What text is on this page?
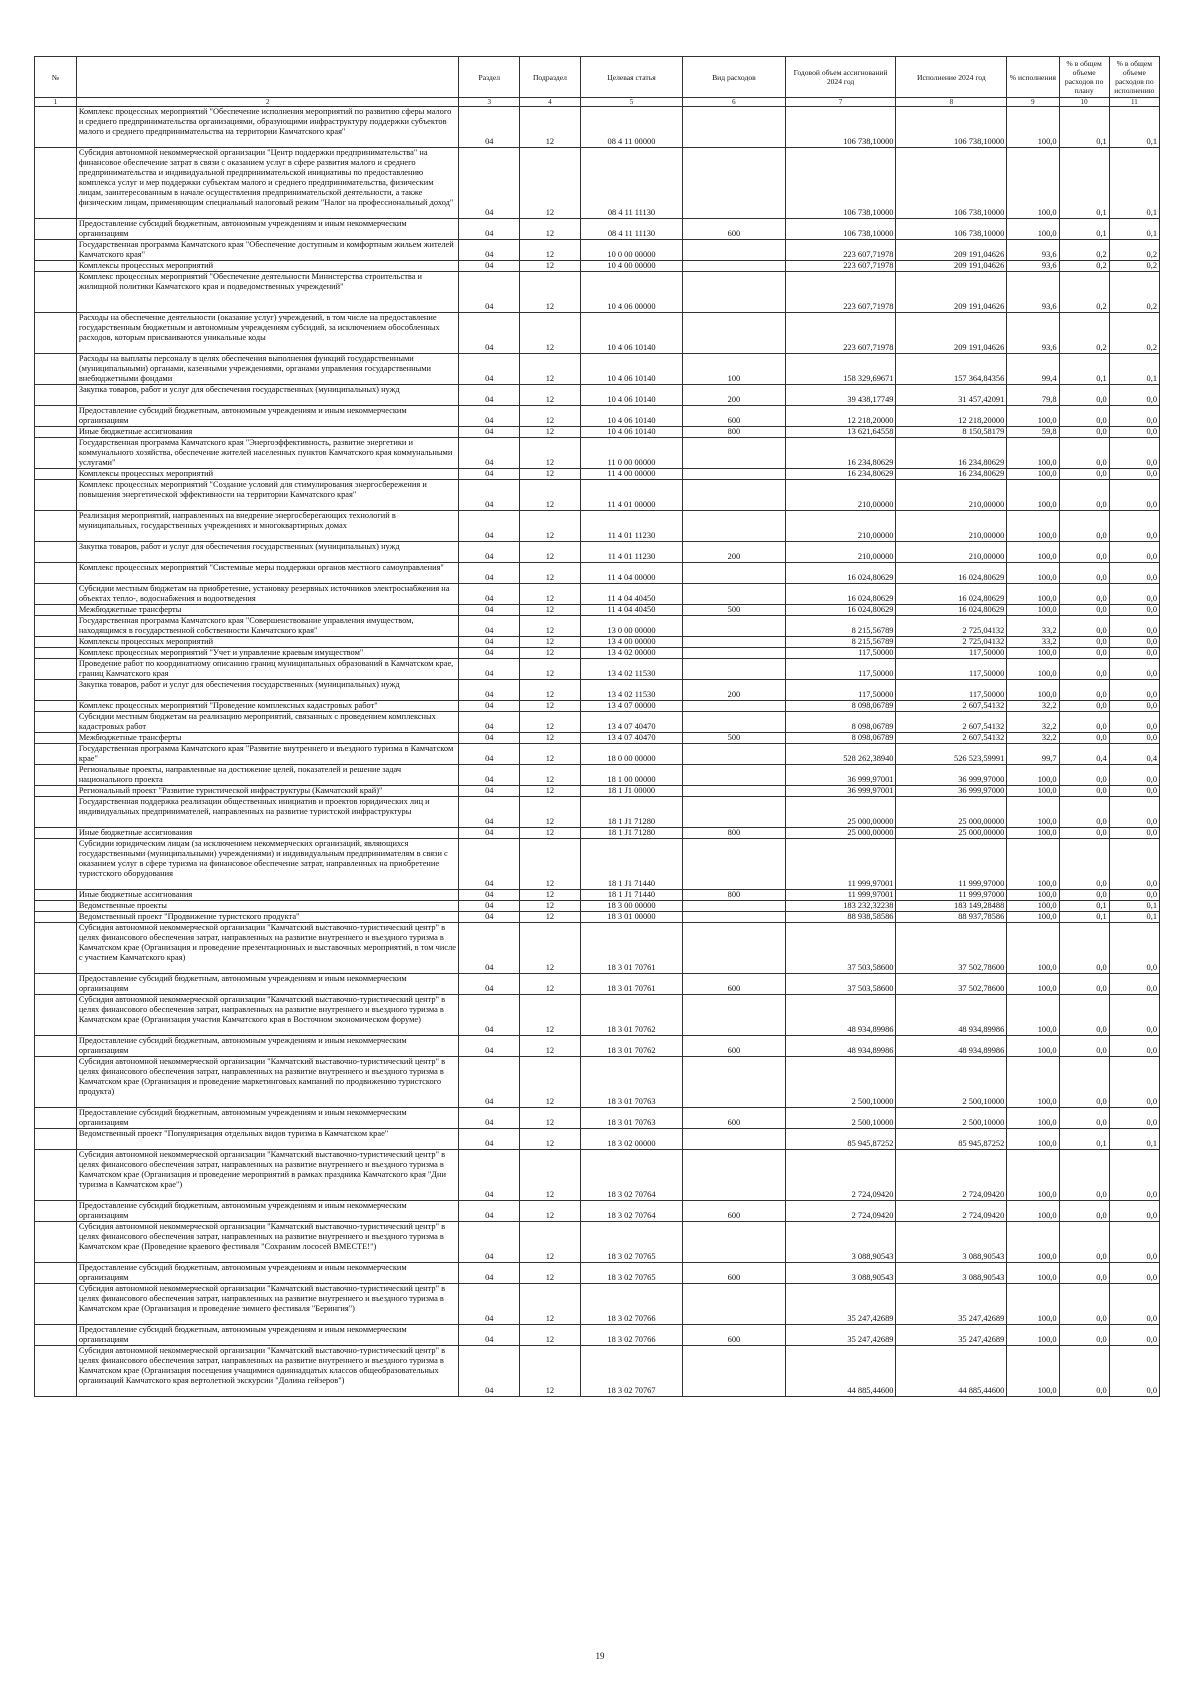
№		Раздел	Подраздел	Целевая статья	Вид расходов	Годовой объем ассигнований 2024 год	Исполнение 2024 год	% исполнения	% в общем объеме расходов по плану	% в общем объеме расходов по исполнению
1	2	3	4	5	6	7	8	9	10	11
	Комплекс процессных мероприятий "Обеспечение исполнения мероприятий по развитию сферы малого и среднего предпринимательства организациями, образующими инфраструктуру поддержки субъектов малого и среднего предпринимательства на территории Камчатского края"	04	12	08 4 11 00000		106 738,10000	106 738,10000	100,0	0,1	0,1
	Субсидия автономной некоммерческой организации "Центр поддержки предпринимательства" на финансовое обеспечение затрат в связи с оказанием услуг в сфере развития малого и среднего предпринимательства и индивидуальной предпринимательской инициативы по предоставлению комплекса услуг и мер поддержки субъектам малого и среднего предпринимательства, физическим лицам, заинтересованным в начале осуществления предпринимательской деятельности, а также физическим лицам, применяющим специальный налоговый режим "Налог на профессиональный доход"	04	12	08 4 11 11130		106 738,10000	106 738,10000	100,0	0,1	0,1
	Предоставление субсидий бюджетным, автономным учреждениям и иным некоммерческим организациям	04	12	08 4 11 11130	600	106 738,10000	106 738,10000	100,0	0,1	0,1
	Государственная программа Камчатского края "Обеспечение доступным и комфортным жильем жителей Камчатского края"	04	12	10 0 00 00000		223 607,71978	209 191,04626	93,6	0,2	0,2
	Комплексы процессных мероприятий	04	12	10 4 00 00000		223 607,71978	209 191,04626	93,6	0,2	0,2
	Комплекс процессных мероприятий "Обеспечение деятельности Министерства строительства и жилищной политики Камчатского края и подведомственных учреждений"	04	12	10 4 06 00000		223 607,71978	209 191,04626	93,6	0,2	0,2
	Расходы на обеспечение деятельности (оказание услуг) учреждений, в том числе на предоставление государственным бюджетным и автономным учреждениям субсидий, за исключением обособленных расходов, которым присваиваются уникальные коды	04	12	10 4 06 10140		223 607,71978	209 191,04626	93,6	0,2	0,2
	Расходы на выплаты персоналу в целях обеспечения выполнения функций государственными (муниципальными) органами, казенными учреждениями, органами управления государственными внебюджетными фондами	04	12	10 4 06 10140	100	158 329,69671	157 364,84356	99,4	0,1	0,1
	Закупка товаров, работ и услуг для обеспечения государственных (муниципальных) нужд	04	12	10 4 06 10140	200	39 438,17749	31 457,42091	79,8	0,0	0,0
	Предоставление субсидий бюджетным, автономным учреждениям и иным некоммерческим организациям	04	12	10 4 06 10140	600	12 218,20000	12 218,20000	100,0	0,0	0,0
	Иные бюджетные ассигнования	04	12	10 4 06 10140	800	13 621,64558	8 150,58179	59,8	0,0	0,0
	Государственная программа Камчатского края "Энергоэффективность, развитие энергетики и коммунального хозяйства, обеспечение жителей населенных пунктов Камчатского края коммунальными услугами"	04	12	11 0 00 00000		16 234,80629	16 234,80629	100,0	0,0	0,0
	Комплексы процессных мероприятий	04	12	11 4 00 00000		16 234,80629	16 234,80629	100,0	0,0	0,0
	Комплекс процессных мероприятий "Создание условий для стимулирования энергосбережения и повышения энергетической эффективности на территории Камчатского края"	04	12	11 4 01 00000		210,00000	210,00000	100,0	0,0	0,0
	Реализация мероприятий, направленных на внедрение энергосберегающих технологий в муниципальных, государственных учреждениях и многоквартирных домах	04	12	11 4 01 11230		210,00000	210,00000	100,0	0,0	0,0
	Закупка товаров, работ и услуг для обеспечения государственных (муниципальных) нужд	04	12	11 4 01 11230	200	210,00000	210,00000	100,0	0,0	0,0
	Комплекс процессных мероприятий "Системные меры поддержки органов местного самоуправления"	04	12	11 4 04 00000		16 024,80629	16 024,80629	100,0	0,0	0,0
	Субсидии местным бюджетам на приобретение, установку резервных источников электроснабжения на объектах тепло-, водоснабжения и водоотведения	04	12	11 4 04 40450		16 024,80629	16 024,80629	100,0	0,0	0,0
	Межбюджетные трансферты	04	12	11 4 04 40450	500	16 024,80629	16 024,80629	100,0	0,0	0,0
	Государственная программа Камчатского края "Совершенствование управления имуществом, находящимся в государственной собственности Камчатского края"	04	12	13 0 00 00000		8 215,56789	2 725,04132	33,2	0,0	0,0
	Комплексы процессных мероприятий	04	12	13 4 00 00000		8 215,56789	2 725,04132	33,2	0,0	0,0
	Комплекс процессных мероприятий "Учет и управление краевым имуществом"	04	12	13 4 02 00000		117,50000	117,50000	100,0	0,0	0,0
	Проведение работ по координатному описанию границ муниципальных образований в Камчатском крае, границ Камчатского края	04	12	13 4 02 11530		117,50000	117,50000	100,0	0,0	0,0
	Закупка товаров, работ и услуг для обеспечения государственных (муниципальных) нужд	04	12	13 4 02 11530	200	117,50000	117,50000	100,0	0,0	0,0
	Комплекс процессных мероприятий "Проведение комплексных кадастровых работ"	04	12	13 4 07 00000		8 098,06789	2 607,54132	32,2	0,0	0,0
	Субсидии местным бюджетам на реализацию мероприятий, связанных с проведением комплексных кадастровых работ	04	12	13 4 07 40470		8 098,06789	2 607,54132	32,2	0,0	0,0
	Межбюджетные трансферты	04	12	13 4 07 40470	500	8 098,06789	2 607,54132	32,2	0,0	0,0
	Государственная программа Камчатского края "Развитие внутреннего и въездного туризма в Камчатском крае"	04	12	18 0 00 00000		528 262,38940	526 523,59991	99,7	0,4	0,4
	Региональные проекты, направленные на достижение целей, показателей и решение задач национального проекта	04	12	18 1 00 00000		36 999,97001	36 999,97000	100,0	0,0	0,0
	Региональный проект "Развитие туристической инфраструктуры (Камчатский край)"	04	12	18 1 J1 00000		36 999,97001	36 999,97000	100,0	0,0	0,0
	Государственная поддержка реализации общественных инициатив и проектов юридических лиц и индивидуальных предпринимателей, направленных на развитие туристской инфраструктуры	04	12	18 1 J1 71280		25 000,00000	25 000,00000	100,0	0,0	0,0
	Иные бюджетные ассигнования	04	12	18 1 J1 71280	800	25 000,00000	25 000,00000	100,0	0,0	0,0
	Субсидии юридическим лицам (за исключением некоммерческих организаций, являющихся государственными (муниципальными) учреждениями) и индивидуальным предпринимателям в связи с оказанием услуг в сфере туризма на финансовое обеспечение затрат, направленных на приобретение туристского оборудования	04	12	18 1 J1 71440		11 999,97001	11 999,97000	100,0	0,0	0,0
	Иные бюджетные ассигнования	04	12	18 1 J1 71440	800	11 999,97001	11 999,97000	100,0	0,0	0,0
	Ведомственные проекты	04	12	18 3 00 00000		183 232,32238	183 149,28488	100,0	0,1	0,1
	Ведомственный проект "Продвижение туристского продукта"	04	12	18 3 01 00000		88 938,58586	88 937,78586	100,0	0,1	0,1
	Субсидия автономной некоммерческой организации "Камчатский выставочно-туристический центр" в целях финансового обеспечения затрат, направленных на развитие внутреннего и въездного туризма в Камчатском крае (Организация и проведение презентационных и выставочных мероприятий, в том числе с участием Камчатского края)	04	12	18 3 01 70761		37 503,58600	37 502,78600	100,0	0,0	0,0
	Предоставление субсидий бюджетным, автономным учреждениям и иным некоммерческим организациям	04	12	18 3 01 70761	600	37 503,58600	37 502,78600	100,0	0,0	0,0
	Субсидия автономной некоммерческой организации "Камчатский выставочно-туристический центр" в целях финансового обеспечения затрат, направленных на развитие внутреннего и въездного туризма в Камчатском крае (Организация участия Камчатского края в Восточном экономическом форуме)	04	12	18 3 01 70762		48 934,89986	48 934,89986	100,0	0,0	0,0
	Предоставление субсидий бюджетным, автономным учреждениям и иным некоммерческим организациям	04	12	18 3 01 70762	600	48 934,89986	48 934,89986	100,0	0,0	0,0
	Субсидия автономной некоммерческой организации "Камчатский выставочно-туристический центр" в целях финансового обеспечения затрат, направленных на развитие внутреннего и въездного туризма в Камчатском крае (Организация и проведение маркетинговых кампаний по продвижению туристского продукта)	04	12	18 3 01 70763		2 500,10000	2 500,10000	100,0	0,0	0,0
	Предоставление субсидий бюджетным, автономным учреждениям и иным некоммерческим организациям	04	12	18 3 01 70763	600	2 500,10000	2 500,10000	100,0	0,0	0,0
	Ведомственный проект "Популяризация отдельных видов туризма в Камчатском крае"	04	12	18 3 02 00000		85 945,87252	85 945,87252	100,0	0,1	0,1
	Субсидия автономной некоммерческой организации "Камчатский выставочно-туристический центр" в целях финансового обеспечения затрат, направленных на развитие внутреннего и въездного туризма в Камчатском крае (Организация и проведение мероприятий в рамках праздника Камчатского края "Дни туризма в Камчатском крае")	04	12	18 3 02 70764		2 724,09420	2 724,09420	100,0	0,0	0,0
	Предоставление субсидий бюджетным, автономным учреждениям и иным некоммерческим организациям	04	12	18 3 02 70764	600	2 724,09420	2 724,09420	100,0	0,0	0,0
	Субсидия автономной некоммерческой организации "Камчатский выставочно-туристический центр" в целях финансового обеспечения затрат, направленных на развитие внутреннего и въездного туризма в Камчатском крае (Проведение краевого фестиваля "Сохраним лососей ВМЕСТЕ!")	04	12	18 3 02 70765		3 088,90543	3 088,90543	100,0	0,0	0,0
	Предоставление субсидий бюджетным, автономным учреждениям и иным некоммерческим организациям	04	12	18 3 02 70765	600	3 088,90543	3 088,90543	100,0	0,0	0,0
	Субсидия автономной некоммерческой организации "Камчатский выставочно-туристический центр" в целях финансового обеспечения затрат, направленных на развитие внутреннего и въездного туризма в Камчатском крае (Организация и проведение зимнего фестиваля "Берингия")	04	12	18 3 02 70766		35 247,42689	35 247,42689	100,0	0,0	0,0
	Предоставление субсидий бюджетным, автономным учреждениям и иным некоммерческим организациям	04	12	18 3 02 70766	600	35 247,42689	35 247,42689	100,0	0,0	0,0
	Субсидия автономной некоммерческой организации "Камчатский выставочно-туристический центр" в целях финансового обеспечения затрат, направленных на развитие внутреннего и въездного туризма в Камчатском крае (Организация посещения учащимися одиннадцатых классов общеобразовательных организаций Камчатского края вертолетной экскурсии "Долина гейзеров")	04	12	18 3 02 70767		44 885,44600	44 885,44600	100,0	0,0	0,0
19
